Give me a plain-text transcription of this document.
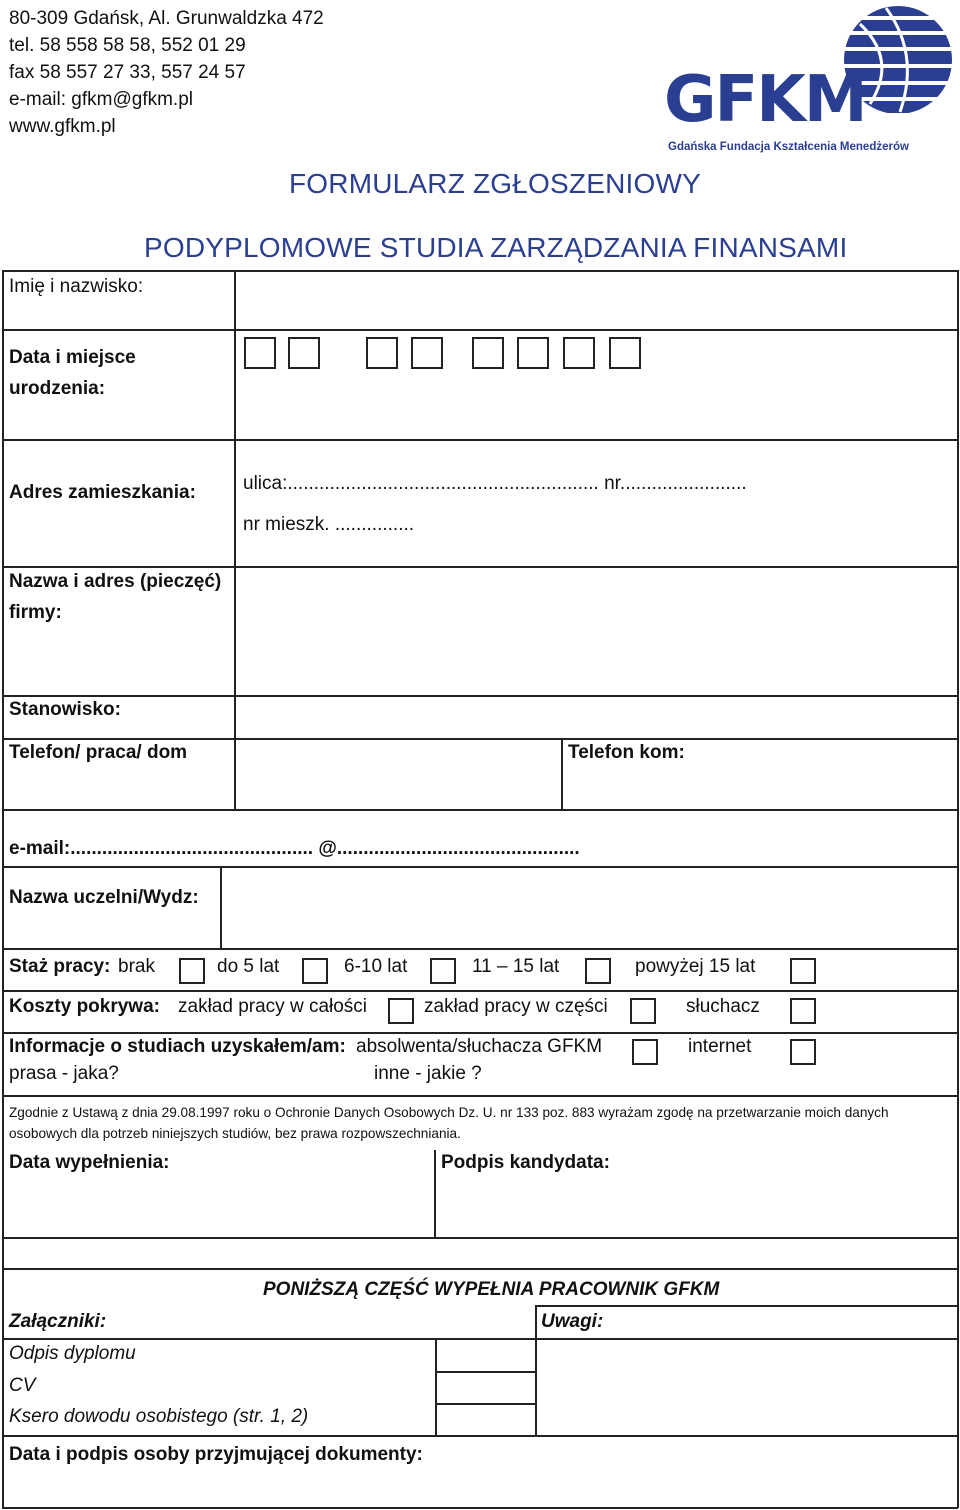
80-309 Gdańsk, Al. Grunwaldzka 472
tel. 58 558 58 58, 552 01 29
fax 58 557 27 33, 557 24 57
e-mail: gfkm@gfkm.pl
www.gfkm.pl	GFKM
Gdańska Fundacja Kształcenia Menedżerów
FORMULARZ ZGŁOSZENIOWY
PODYPLOMOWE STUDIA ZARZĄDZANIA FINANSAMI
Imię i nazwisko:
Data i miejsce
urodzenia:
Adres zamieszkania: ulica:........................................................... nr........................
nr mieszk. ...............
Nazwa i adres (pieczęć)
firmy:
Stanowisko:
Telefon/ praca/ dom	Telefon kom:
e-mail:.............................................. @..............................................
Nazwa uczelni/Wydz:
Staż pracy: brak	do 5 lat	6-10 lat	11 – 15 lat	powyżej 15 lat
Koszty pokrywa: zakład pracy w całości	zakład pracy w części	słuchacz
Informacje o studiach uzyskałem/am: absolwenta/słuchacza GFKM	internet
prasa - jaka?	inne - jakie ?
Zgodnie z Ustawą z dnia 29.08.1997 roku o Ochronie Danych Osobowych Dz. U. nr 133 poz. 883 wyrażam zgodę na przetwarzanie moich danych
osobowych dla potrzeb niniejszych studiów, bez prawa rozpowszechniania.
Data wypełnienia:	Podpis kandydata:
PONIŻSZĄ CZĘŚĆ WYPEŁNIA PRACOWNIK GFKM
Załączniki:	Uwagi:
Odpis dyplomu
CV
Ksero dowodu osobistego (str. 1, 2)
Data i podpis osoby przyjmującej dokumenty:
